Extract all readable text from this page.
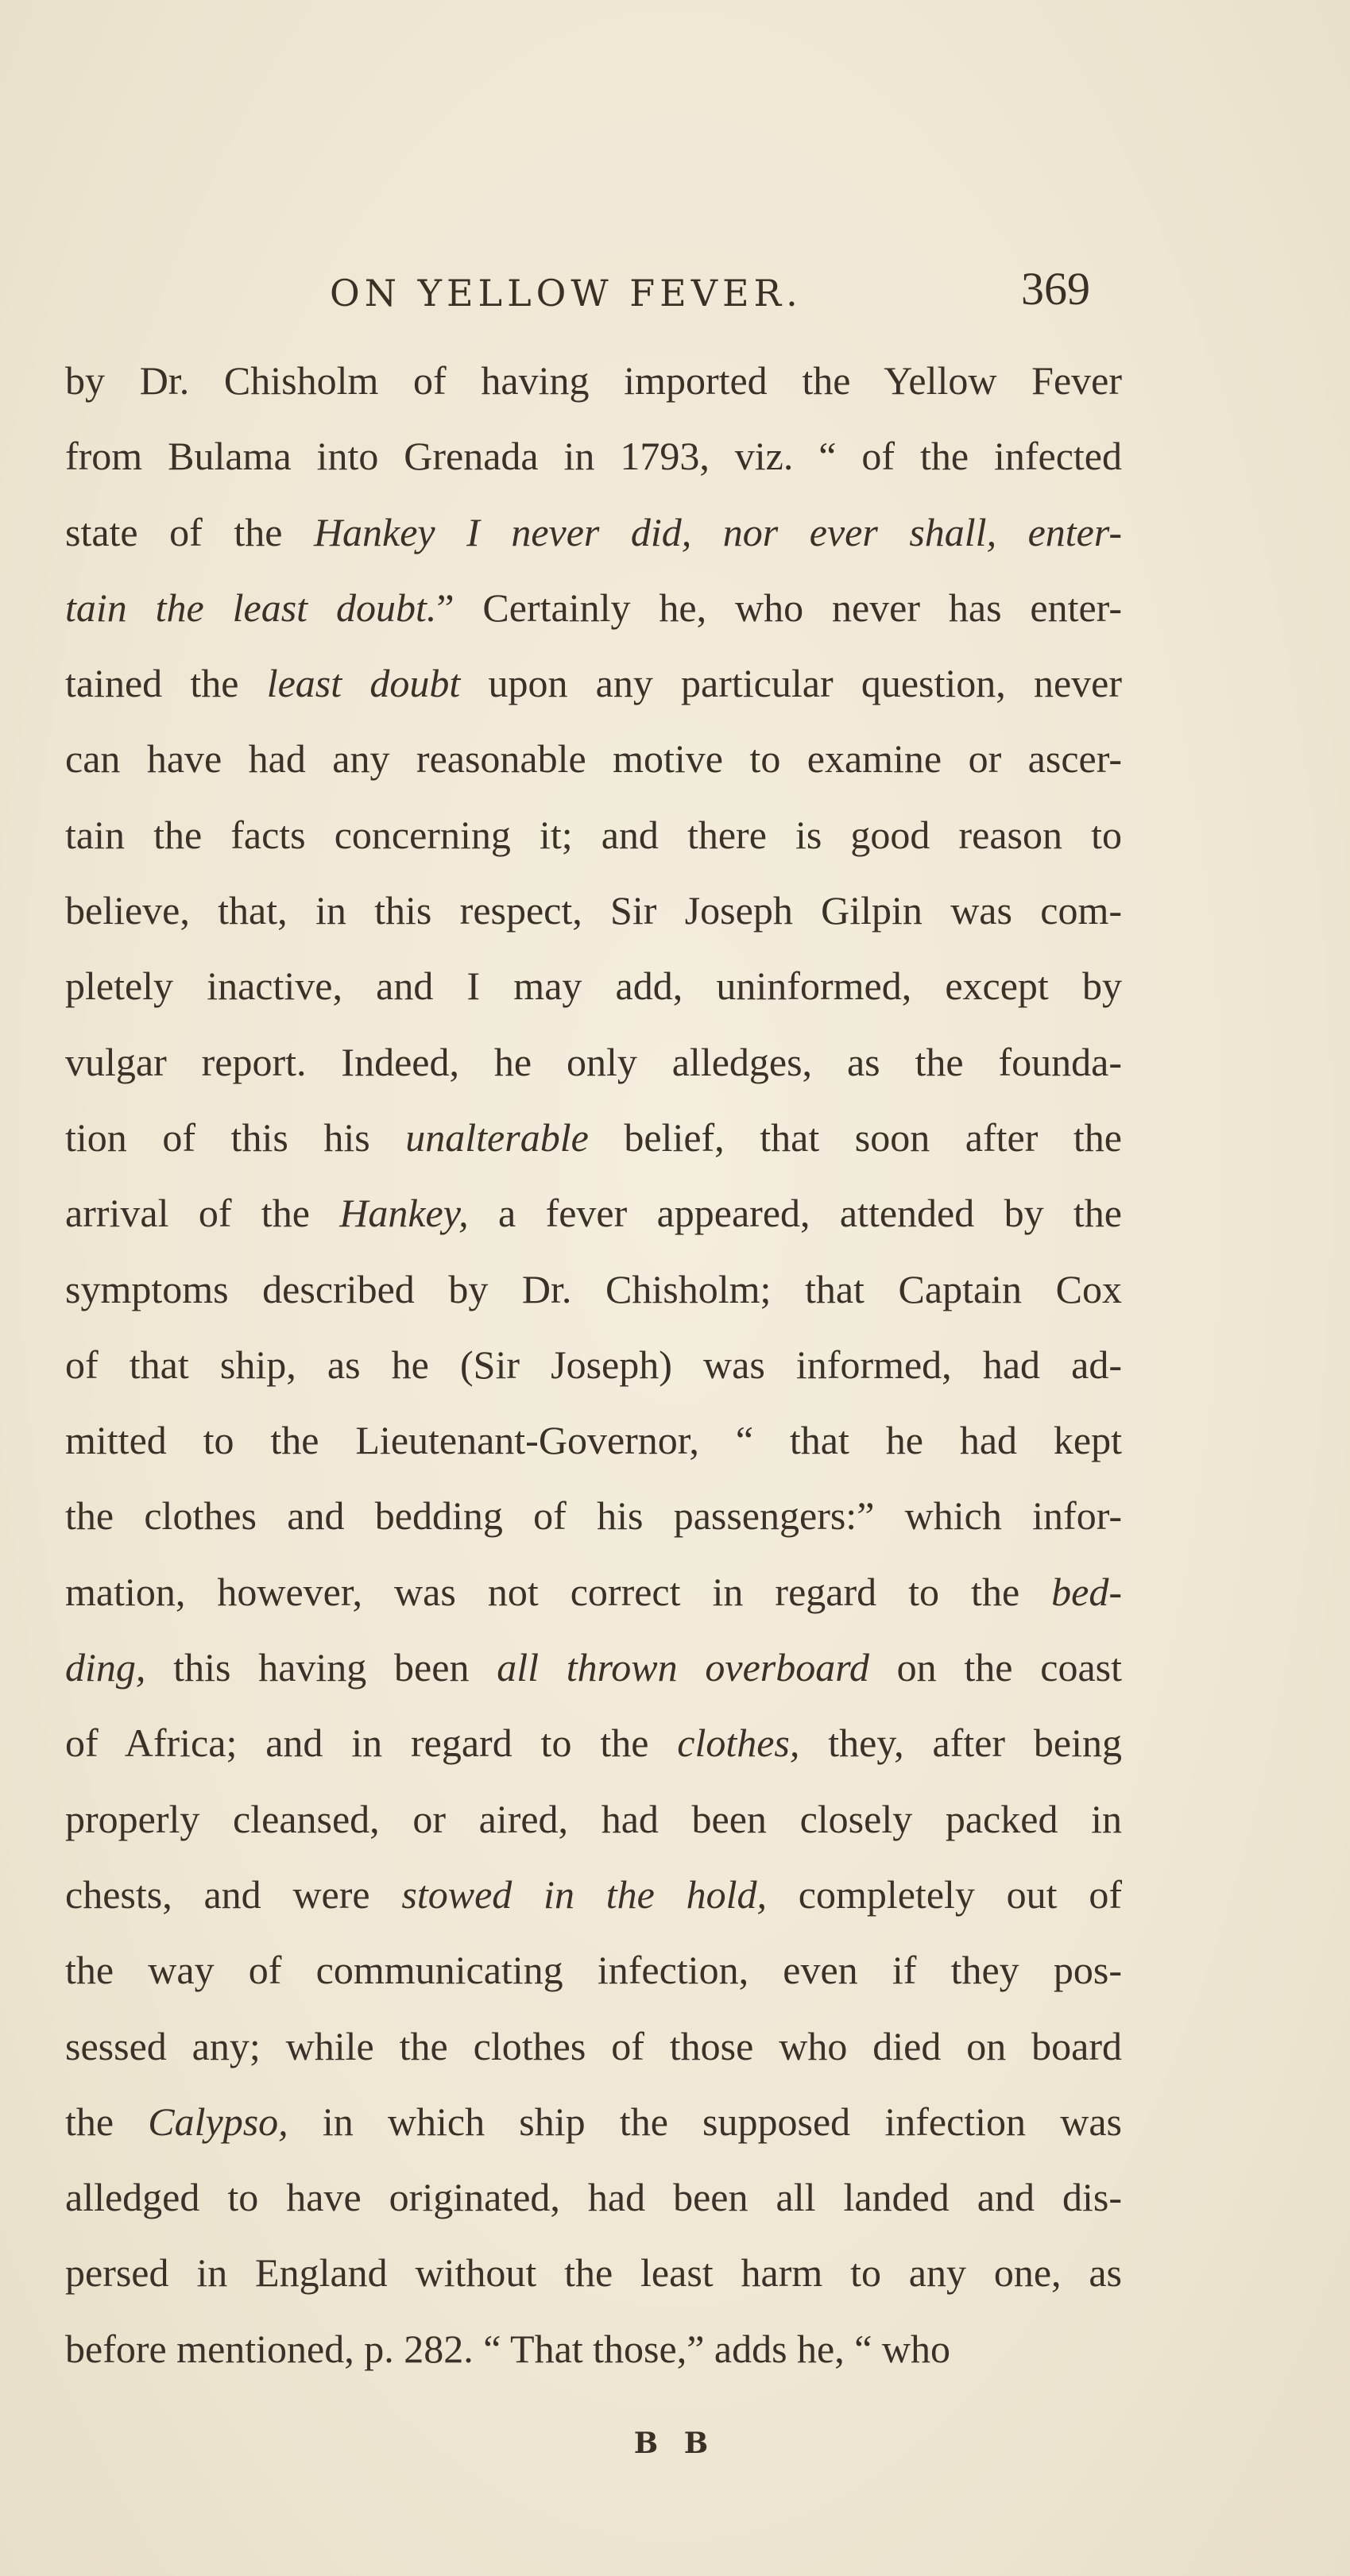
ON YELLOW FEVER.	369
by Dr. Chisholm of having imported the Yellow Fever
from Bulama into Grenada in 1793, viz. “ of the infected
state of the Hankey I never did, nor ever shall, enter-
tain the least doubt.” Certainly he, who never has enter-
tained the least doubt upon any particular question, never
can have had any reasonable motive to examine or ascer-
tain the facts concerning it; and there is good reason to
believe, that, in this respect, Sir Joseph Gilpin was com-
pletely inactive, and I may add, uninformed, except by
vulgar report. Indeed, he only alledges, as the founda-
tion of this his unalterable belief, that soon after the
arrival of the Hankey, a fever appeared, attended by the
symptoms described by Dr. Chisholm; that Captain Cox
of that ship, as he (Sir Joseph) was informed, had ad-
mitted to the Lieutenant-Governor, “ that he had kept
the clothes and bedding of his passengers:” which infor-
mation, however, was not correct in regard to the bed-
ding, this having been all thrown overboard on the coast
of Africa; and in regard to the clothes, they, after being
properly cleansed, or aired, had been closely packed in
chests, and were stowed in the hold, completely out of
the way of communicating infection, even if they pos-
sessed any; while the clothes of those who died on board
the Calypso, in which ship the supposed infection was
alledged to have originated, had been all landed and dis-
persed in England without the least harm to any one, as
before mentioned, p. 282. “ That those,” adds he, “ who
B B
